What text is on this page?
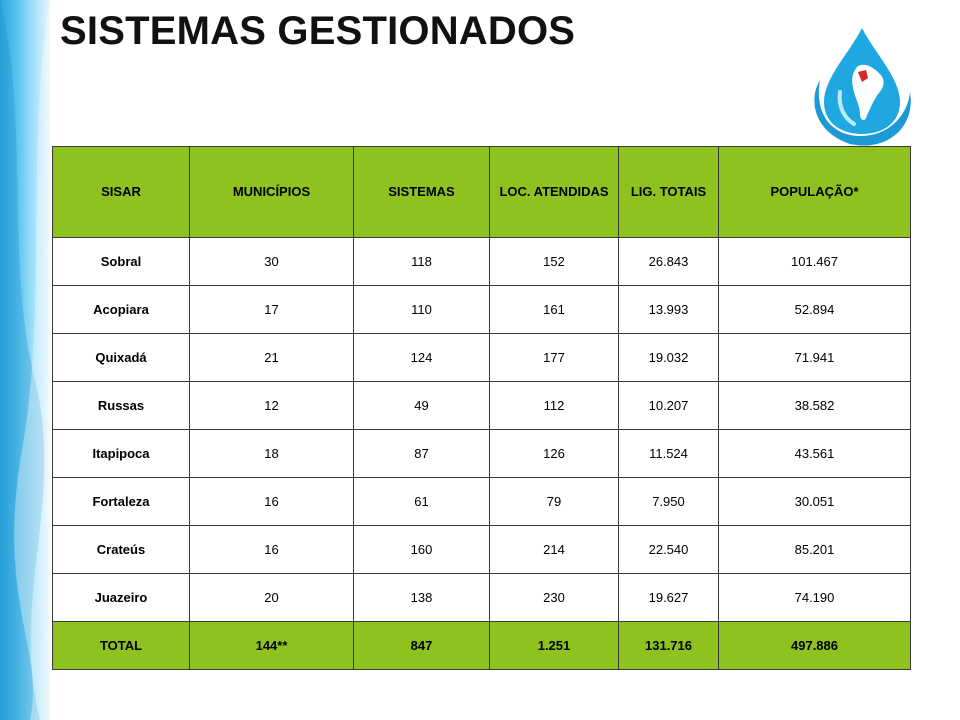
SISTEMAS GESTIONADOS
SISAR	MUNICÍPIOS	SISTEMAS	LOC. ATENDIDAS	LIG. TOTAIS	POPULAÇÃO*
Sobral	30	118	152	26.843	101.467
Acopiara	17	110	161	13.993	52.894
Quixadá	21	124	177	19.032	71.941
Russas	12	49	112	10.207	38.582
Itapipoca	18	87	126	11.524	43.561
Fortaleza	16	61	79	7.950	30.051
Crateús	16	160	214	22.540	85.201
Juazeiro	20	138	230	19.627	74.190
TOTAL	144**	847	1.251	131.716	497.886
